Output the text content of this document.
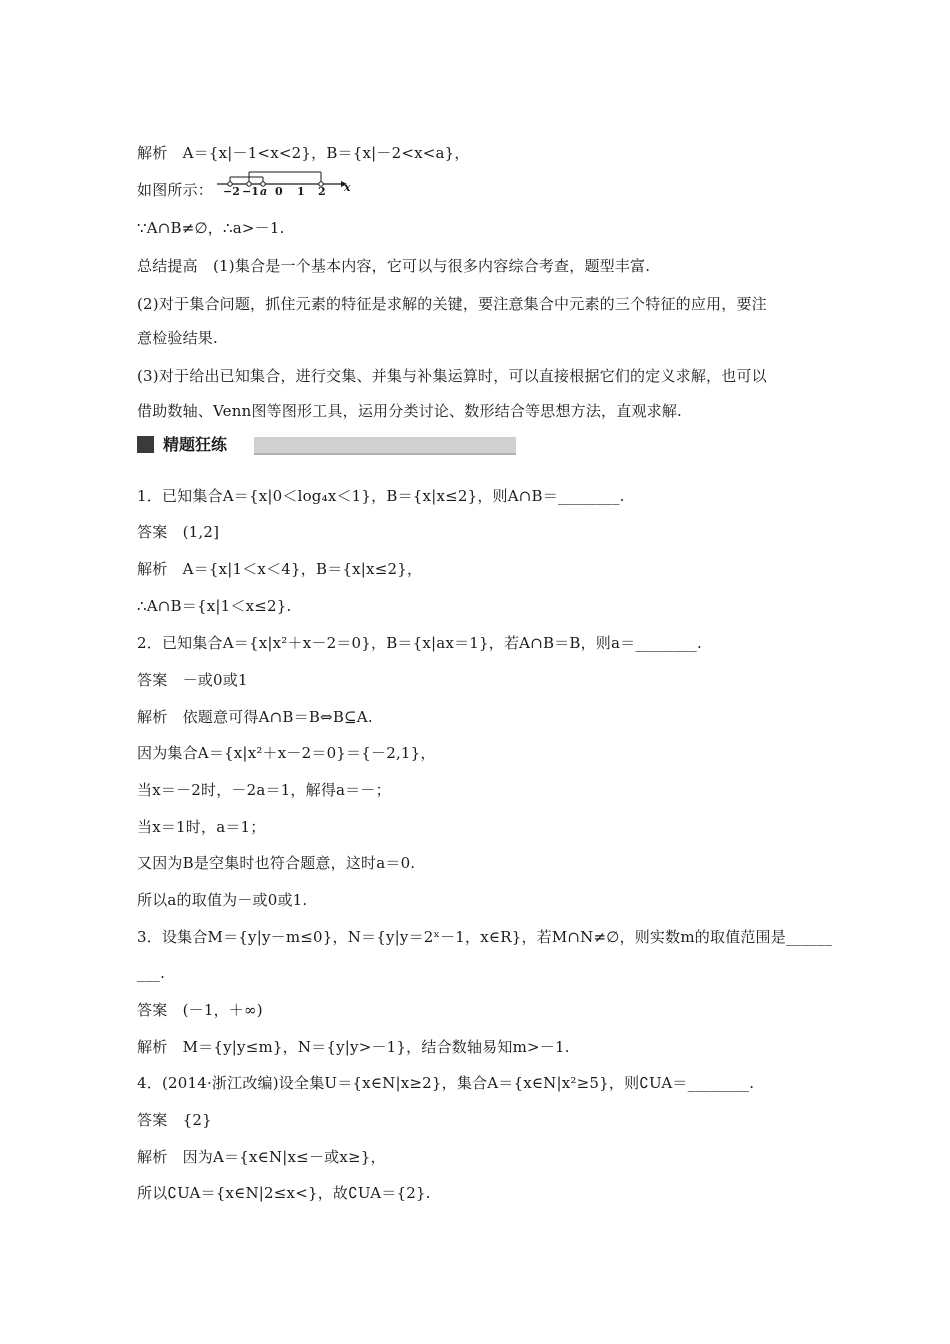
解析　A＝{x|－1<x<2}，B＝{x|－2<x<a}，
如图所示： −2 −1 a 0 1 2 x
∵A∩B≠∅，∴a>－1.
总结提高　(1)集合是一个基本内容，它可以与很多内容综合考查，题型丰富.
(2)对于集合问题，抓住元素的特征是求解的关键，要注意集合中元素的三个特征的应用，要注
意检验结果.
(3)对于给出已知集合，进行交集、并集与补集运算时，可以直接根据它们的定义求解，也可以
借助数轴、Venn图等图形工具，运用分类讨论、数形结合等思想方法，直观求解.
精题狂练
1．已知集合A＝{x|0＜log₄x＜1}，B＝{x|x≤2}，则A∩B＝________.
答案　(1,2]
解析　A＝{x|1＜x＜4}，B＝{x|x≤2}，
∴A∩B＝{x|1＜x≤2}.
2．已知集合A＝{x|x²＋x－2＝0}，B＝{x|ax＝1}，若A∩B＝B，则a＝________.
答案　－或0或1
解析　依题意可得A∩B＝B⇔B⊆A.
因为集合A＝{x|x²＋x－2＝0}＝{－2,1}，
当x＝－2时，－2a＝1，解得a＝－；
当x＝1时，a＝1；
又因为B是空集时也符合题意，这时a＝0.
所以a的取值为－或0或1.
3．设集合M＝{y|y－m≤0}，N＝{y|y＝2ˣ－1，x∈R}，若M∩N≠∅，则实数m的取值范围是______
___.
答案　(－1，＋∞)
解析　M＝{y|y≤m}，N＝{y|y>－1}，结合数轴易知m>－1.
4．(2014·浙江改编)设全集U＝{x∈N|x≥2}，集合A＝{x∈N|x²≥5}，则∁UA＝________.
答案　{2}
解析　因为A＝{x∈N|x≤－或x≥}，
所以∁UA＝{x∈N|2≤x<}，故∁UA＝{2}.
